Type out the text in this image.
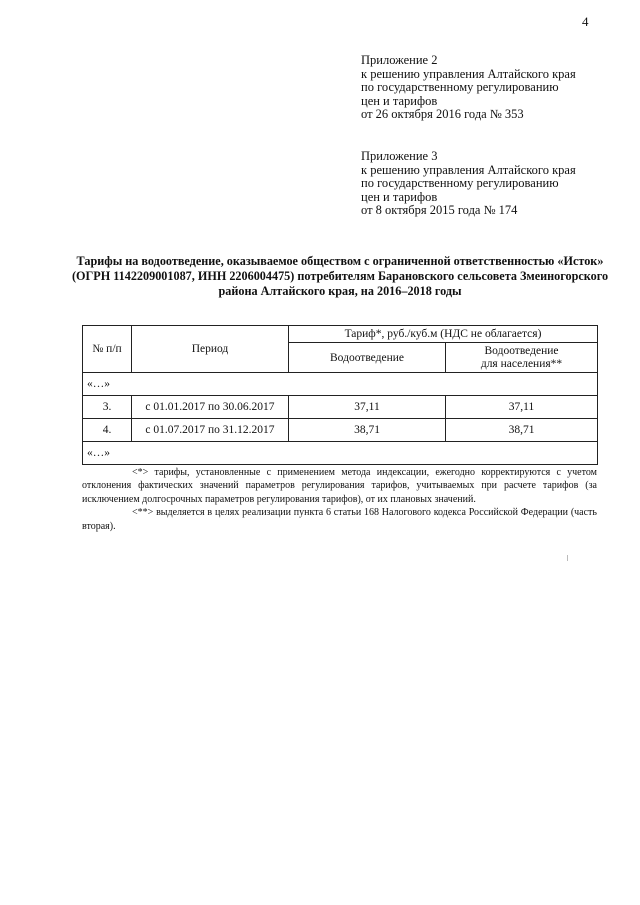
4
Приложение 2
к решению управления Алтайского края
по государственному регулированию
цен и тарифов
от 26 октября 2016 года № 353
Приложение 3
к решению управления Алтайского края
по государственному регулированию
цен и тарифов
от 8 октября 2015 года № 174
Тарифы на водоотведение, оказываемое обществом с ограниченной ответственностью «Исток» (ОГРН 1142209001087, ИНН 2206004475) потребителям Барановского сельсовета Змеиногорского района Алтайского края, на 2016–2018 годы
№ п/п	Период	Тариф*, руб./куб.м (НДС не облагается)	
		Водоотведение	Водоотведение
для населения**

«…»			
3.	с 01.01.2017 по 30.06.2017	37,11	37,11
4.	с 01.07.2017 по 31.12.2017	38,71	38,71
«…»			

<*> тарифы, установленные с применением метода индексации, ежегодно корректируются с учетом отклонения фактических значений параметров регулирования тарифов, учитываемых при расчете тарифов (за исключением долгосрочных параметров регулирования тарифов), от их плановых значений.

<**> выделяется в целях реализации пункта 6 статьи 168 Налогового кодекса Российской Федерации (часть вторая).
